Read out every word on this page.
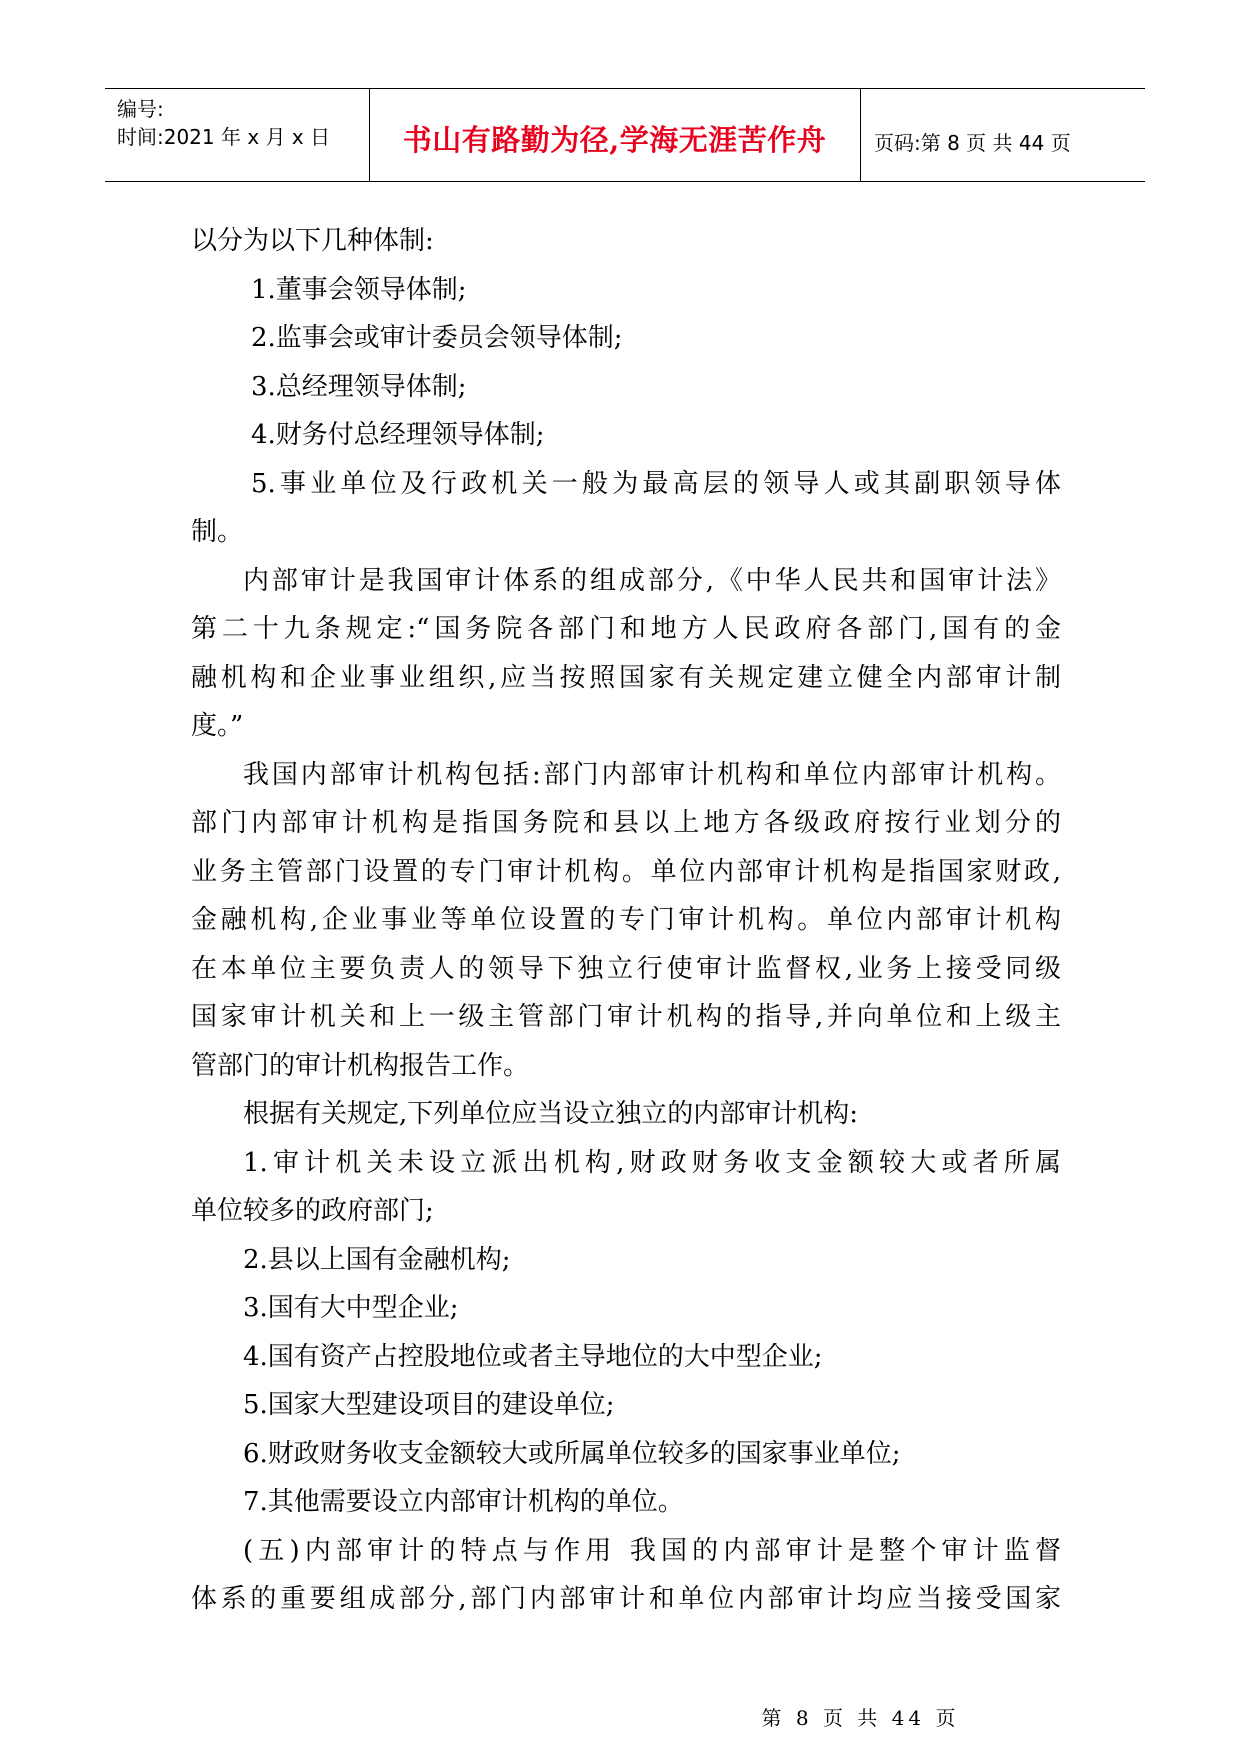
编号:
时间:2021 年 x 月 x 日	书山有路勤为径,学海无涯苦作舟	页码:第 8 页 共 44 页
以分为以下几种体制:
1.董事会领导体制;
2.监事会或审计委员会领导体制;
3.总经理领导体制;
4.财务付总经理领导体制;
5.事业单位及行政机关一般为最高层的领导人或其副职领导体
制。
内部审计是我国审计体系的组成部分,《中华人民共和国审计法》
第二十九条规定:“国务院各部门和地方人民政府各部门,国有的金
融机构和企业事业组织,应当按照国家有关规定建立健全内部审计制
度。”
我国内部审计机构包括:部门内部审计机构和单位内部审计机构。
部门内部审计机构是指国务院和县以上地方各级政府按行业划分的
业务主管部门设置的专门审计机构。单位内部审计机构是指国家财政,
金融机构,企业事业等单位设置的专门审计机构。单位内部审计机构
在本单位主要负责人的领导下独立行使审计监督权,业务上接受同级
国家审计机关和上一级主管部门审计机构的指导,并向单位和上级主
管部门的审计机构报告工作。
根据有关规定,下列单位应当设立独立的内部审计机构:
1.审计机关未设立派出机构,财政财务收支金额较大或者所属
单位较多的政府部门;
2.县以上国有金融机构;
3.国有大中型企业;
4.国有资产占控股地位或者主导地位的大中型企业;
5.国家大型建设项目的建设单位;
6.财政财务收支金额较大或所属单位较多的国家事业单位;
7.其他需要设立内部审计机构的单位。
(五)内部审计的特点与作用 我国的内部审计是整个审计监督
体系的重要组成部分,部门内部审计和单位内部审计均应当接受国家
第 8 页 共 44 页
